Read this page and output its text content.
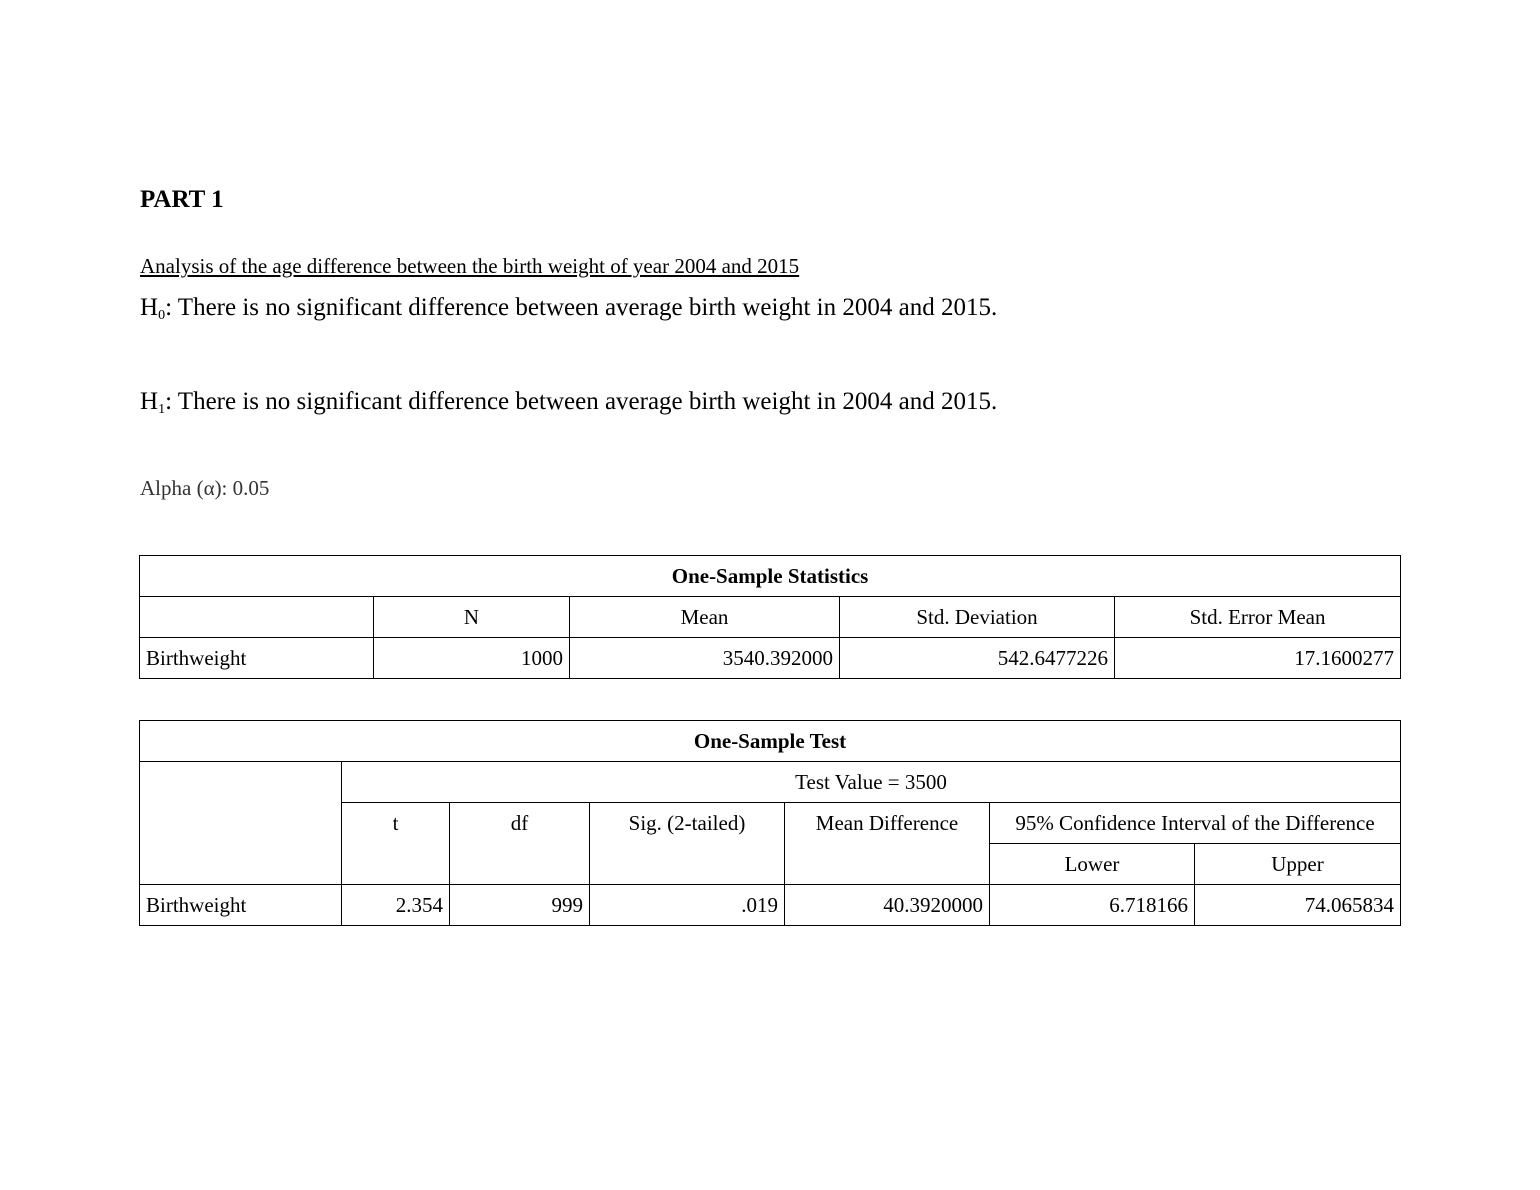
PART 1

Analysis of the age difference between the birth weight of year 2004 and 2015

$H_0$: There is no significant difference between average birth weight in 2004 and 2015.

$H_1$: There is no significant difference between average birth weight in 2004 and 2015.

Alpha (α): 0.05

One-Sample Statistics				
	N	Mean	Std. Deviation	Std. Error Mean
Birthweight	1000	3540.392000	542.6477226	17.1600277
One-Sample Test						
	Test Value = 3500					
	t	df	Sig. (2-tailed)	Mean Difference	95% Confidence Interval of the Difference	

					Lower	Upper
Birthweight	2.354	999	.019	40.3920000	6.718166	74.065834
